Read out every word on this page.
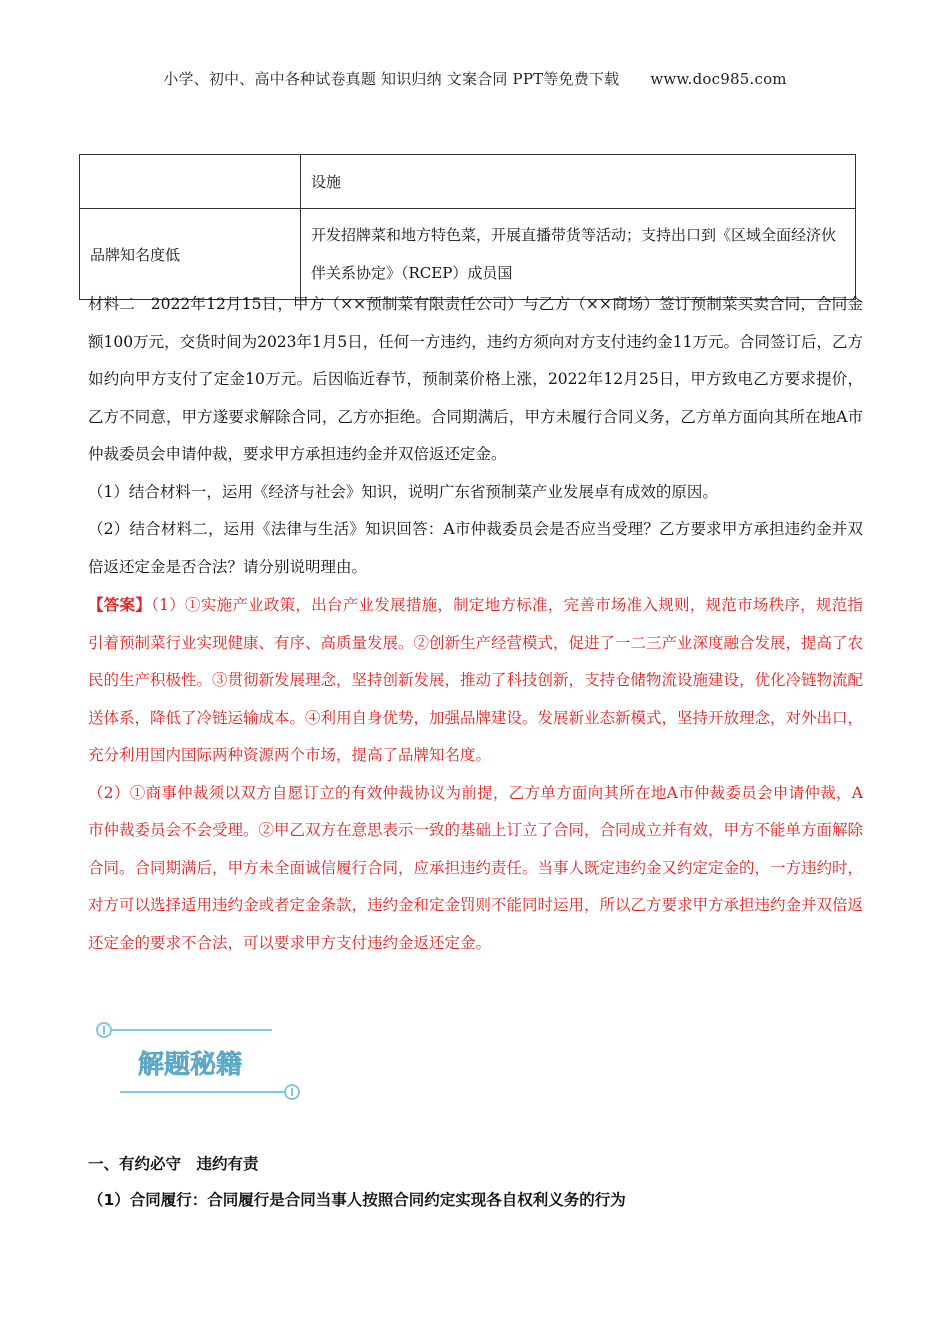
小学、初中、高中各种试卷真题 知识归纳 文案合同 PPT等免费下载 www.doc985.com
	设施
品牌知名度低	开发招牌菜和地方特色菜，开展直播带货等活动；支持出口到《区域全面经济伙伴关系协定》（RCEP）成员国

材料二　2022年12月15日，甲方（××预制菜有限责任公司）与乙方（××商场）签订预制菜买卖合同，合同金额100万元，交货时间为2023年1月5日，任何一方违约，违约方须向对方支付违约金11万元。合同签订后，乙方如约向甲方支付了定金10万元。后因临近春节，预制菜价格上涨，2022年12月25日，甲方致电乙方要求提价，乙方不同意，甲方遂要求解除合同，乙方亦拒绝。合同期满后，甲方未履行合同义务，乙方单方面向其所在地A市仲裁委员会申请仲裁，要求甲方承担违约金并双倍返还定金。

（1）结合材料一，运用《经济与社会》知识，说明广东省预制菜产业发展卓有成效的原因。

（2）结合材料二，运用《法律与生活》知识回答：A市仲裁委员会是否应当受理？乙方要求甲方承担违约金并双倍返还定金是否合法？请分别说明理由。

【答案】（1）①实施产业政策，出台产业发展措施，制定地方标准，完善市场准入规则，规范市场秩序，规范指引着预制菜行业实现健康、有序、高质量发展。②创新生产经营模式，促进了一二三产业深度融合发展，提高了农民的生产积极性。③贯彻新发展理念，坚持创新发展，推动了科技创新，支持仓储物流设施建设，优化冷链物流配送体系，降低了冷链运输成本。④利用自身优势，加强品牌建设。发展新业态新模式，坚持开放理念，对外出口，充分利用国内国际两种资源两个市场，提高了品牌知名度。

（2）①商事仲裁须以双方自愿订立的有效仲裁协议为前提，乙方单方面向其所在地A市仲裁委员会申请仲裁，A市仲裁委员会不会受理。②甲乙双方在意思表示一致的基础上订立了合同，合同成立并有效，甲方不能单方面解除合同。合同期满后，甲方未全面诚信履行合同，应承担违约责任。当事人既定违约金又约定定金的，一方违约时，对方可以选择适用违约金或者定金条款，违约金和定金罚则不能同时运用，所以乙方要求甲方承担违约金并双倍返还定金的要求不合法，可以要求甲方支付违约金返还定金。

解题秘籍
一、有约必守　违约有责
（1）合同履行：合同履行是合同当事人按照合同约定实现各自权利义务的行为
